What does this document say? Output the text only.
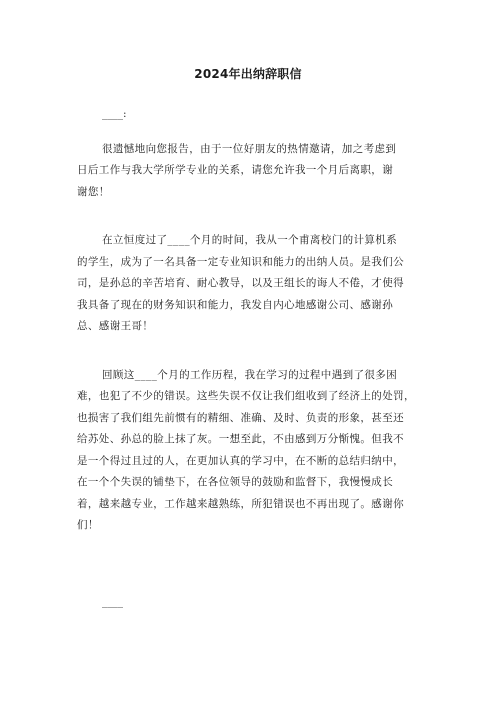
2024年出纳辞职信
____:
很遗憾地向您报告，由于一位好朋友的热情邀请，加之考虑到
日后工作与我大学所学专业的关系，请您允许我一个月后离职，谢
谢您！
在立恒度过了____个月的时间，我从一个甫离校门的计算机系
的学生，成为了一名具备一定专业知识和能力的出纳人员。是我们公
司，是孙总的辛苦培育、耐心教导，以及王组长的诲人不倦，才使得
我具备了现在的财务知识和能力，我发自内心地感谢公司、感谢孙
总、感谢王哥！
回顾这____个月的工作历程，我在学习的过程中遇到了很多困
难，也犯了不少的错误。这些失误不仅让我们组收到了经济上的处罚，
也损害了我们组先前惯有的精细、准确、及时、负责的形象，甚至还
给苏处、孙总的脸上抹了灰。一想至此，不由感到万分惭愧。但我不
是一个得过且过的人，在更加认真的学习中，在不断的总结归纳中，
在一个个失误的铺垫下，在各位领导的鼓励和监督下，我慢慢成长
着，越来越专业，工作越来越熟练，所犯错误也不再出现了。感谢你
们！
____
